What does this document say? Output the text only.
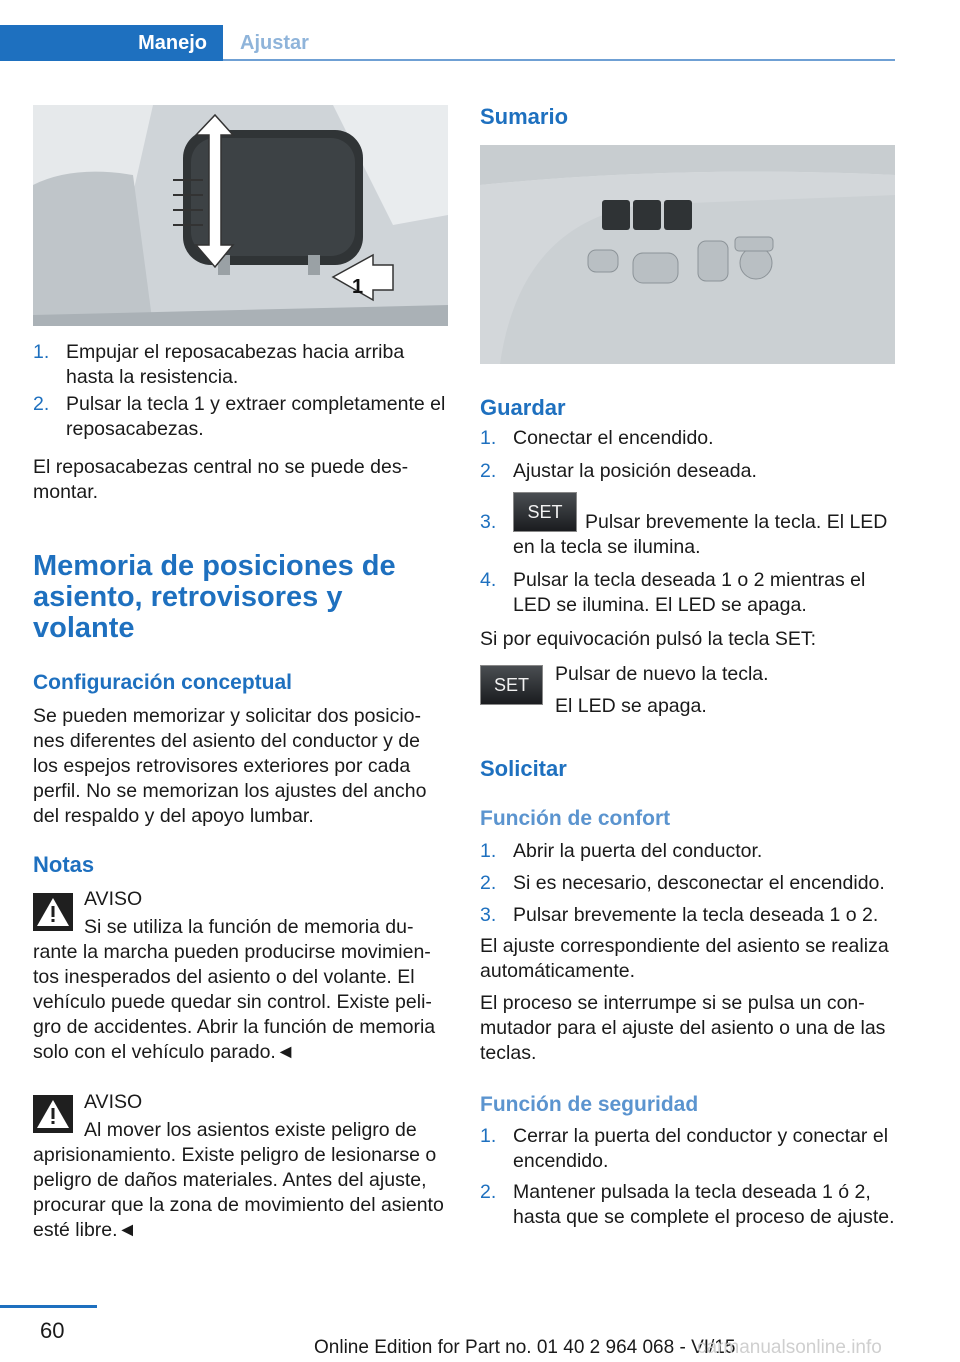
Manejo	Ajustar
1
1. Empujar el reposacabezas hacia arriba hasta la resistencia.
2. Pulsar la tecla 1 y extraer completamente el reposacabezas.

El reposacabezas central no se puede des-montar.

Memoria de posiciones de asiento, retrovisores y volante
Configuración conceptual

Se pueden memorizar y solicitar dos posicio-nes diferentes del asiento del conductor y de los espejos retrovisores exteriores por cada perfil. No se memorizan los ajustes del ancho del respaldo y del apoyo lumbar.

Notas
AVISO
Si se utiliza la función de memoria du-rante la marcha pueden producirse movimien-tos inesperados del asiento o del volante. El vehículo puede quedar sin control. Existe peli-gro de accidentes. Abrir la función de memoria solo con el vehículo parado.◄
AVISO
Al mover los asientos existe peligro de aprisionamiento. Existe peligro de lesionarse o peligro de daños materiales. Antes del ajuste, procurar que la zona de movimiento del asiento esté libre.◄
Sumario
Guardar
1. Conectar el encendido.
2. Ajustar la posición deseada.
SET
3.	Pulsar brevemente la tecla. El LED en la tecla se ilumina.
4. Pulsar la tecla deseada 1 o 2 mientras el LED se ilumina. El LED se apaga.

Si por equivocación pulsó la tecla SET:

SET	Pulsar de nuevo la tecla.

El LED se apaga.

Solicitar
Función de confort
1. Abrir la puerta del conductor.
2. Si es necesario, desconectar el encendido.
3. Pulsar brevemente la tecla deseada 1 o 2.

El ajuste correspondiente del asiento se realiza automáticamente.

El proceso se interrumpe si se pulsa un con-mutador para el ajuste del asiento o una de las teclas.

Función de seguridad
1. Cerrar la puerta del conductor y conectar el encendido.
2. Mantener pulsada la tecla deseada 1 ó 2, hasta que se complete el proceso de ajuste.
60
Online Edition for Part no. 01 40 2 964 068 - VI/15
carmanualsonline.info
